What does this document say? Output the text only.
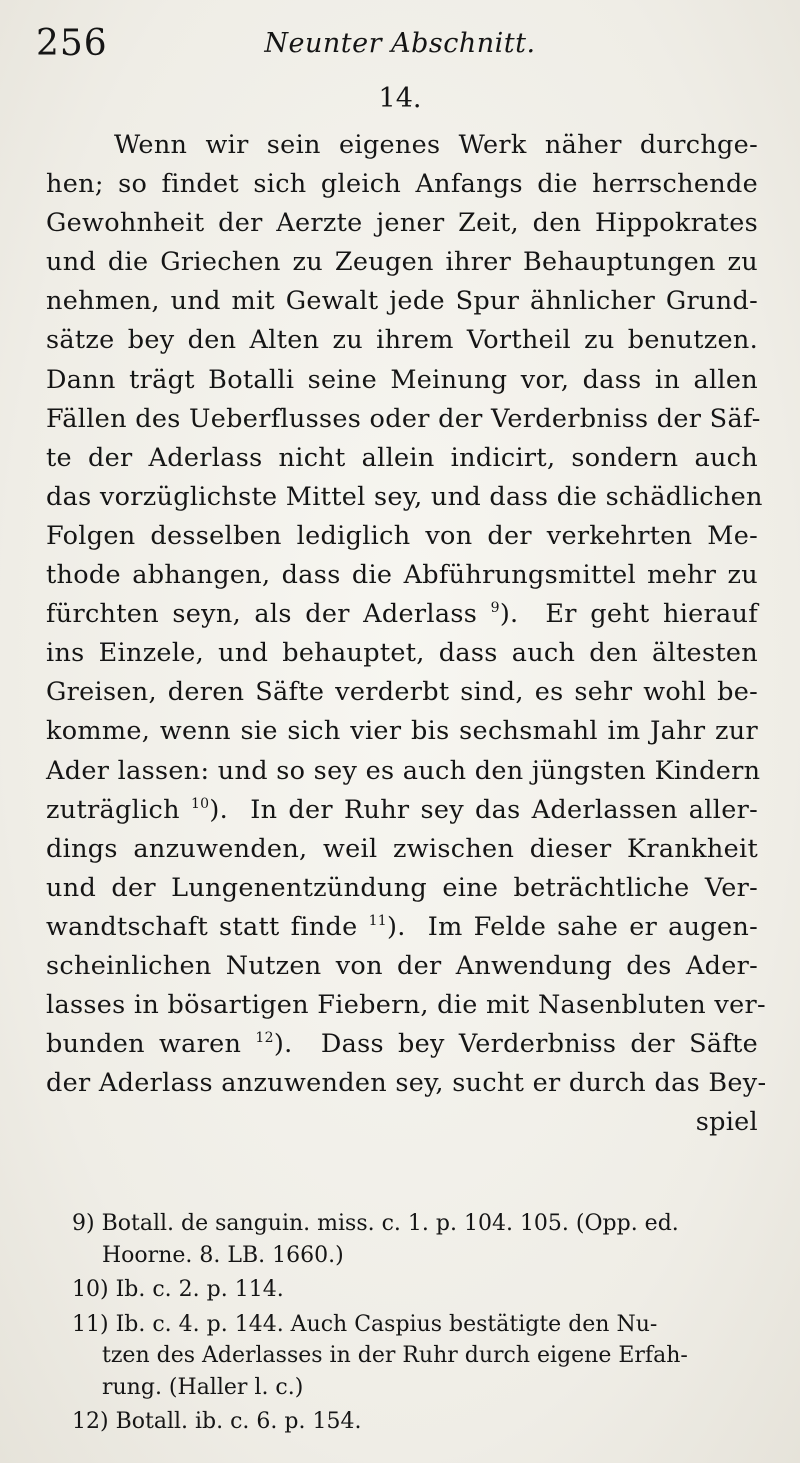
256	Neunter Abschnitt.
14.
Wenn wir sein eigenes Werk näher durchge-
hen; so findet sich gleich Anfangs die herrschende
Gewohnheit der Aerzte jener Zeit, den Hippokrates
und die Griechen zu Zeugen ihrer Behauptungen zu
nehmen, und mit Gewalt jede Spur ähnlicher Grund-
sätze bey den Alten zu ihrem Vortheil zu benutzen.
Dann trägt Botalli seine Meinung vor, dass in allen
Fällen des Ueberflusses oder der Verderbniss der Säf-
te der Aderlass nicht allein indicirt, sondern auch
das vorzüglichste Mittel sey, und dass die schädlichen
Folgen desselben lediglich von der verkehrten Me-
thode abhangen, dass die Abführungsmittel mehr zu
fürchten seyn, als der Aderlass $^9$).  Er geht hierauf
ins Einzele, und behauptet, dass auch den ältesten
Greisen, deren Säfte verderbt sind, es sehr wohl be-
komme, wenn sie sich vier bis sechsmahl im Jahr zur
Ader lassen: und so sey es auch den jüngsten Kindern
zuträglich $^{10}$).  In der Ruhr sey das Aderlassen aller-
dings anzuwenden, weil zwischen dieser Krankheit
und der Lungenentzündung eine beträchtliche Ver-
wandtschaft statt finde $^{11}$).  Im Felde sahe er augen-
scheinlichen Nutzen von der Anwendung des Ader-
lasses in bösartigen Fiebern, die mit Nasenbluten ver-
bunden waren $^{12}$).  Dass bey Verderbniss der Säfte
der Aderlass anzuwenden sey, sucht er durch das Bey-
spiel
9) Botall. de sanguin. miss. c. 1. p. 104. 105. (Opp. ed.
Hoorne. 8. LB. 1660.)
10) Ib. c. 2. p. 114.
11) Ib. c. 4. p. 144. Auch Caspius bestätigte den Nu-
tzen des Aderlasses in der Ruhr durch eigene Erfah-
rung. (Haller l. c.)
12) Botall. ib. c. 6. p. 154.
